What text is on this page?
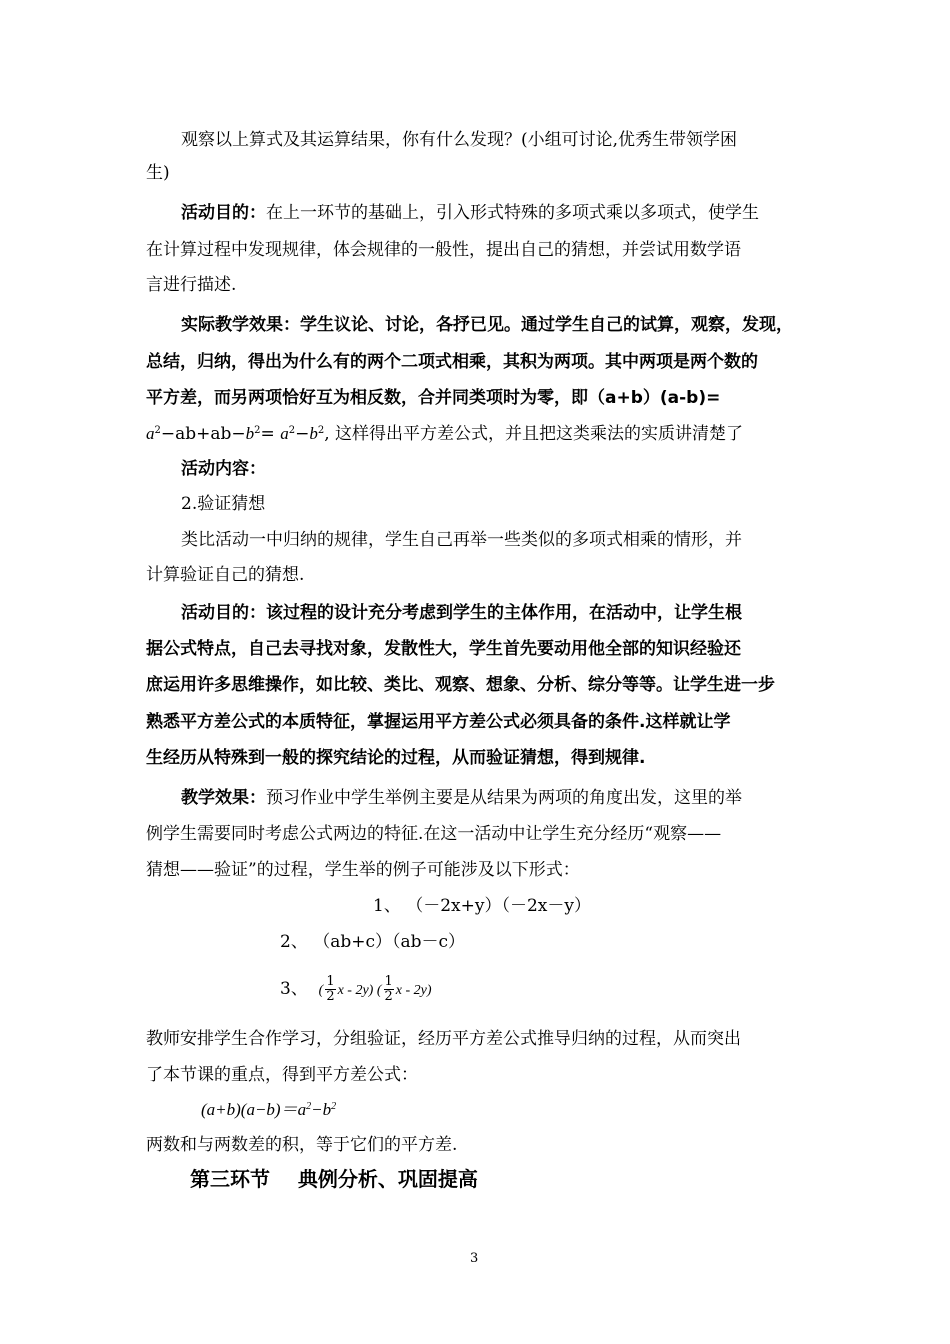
观察以上算式及其运算结果，你有什么发现？(小组可讨论,优秀生带领学困
生)
活动目的：在上一环节的基础上，引入形式特殊的多项式乘以多项式，使学生
在计算过程中发现规律，体会规律的一般性，提出自己的猜想，并尝试用数学语
言进行描述.
实际教学效果：学生议论、讨论，各抒已见。通过学生自己的试算，观察，发现，
总结，归纳，得出为什么有的两个二项式相乘，其积为两项。其中两项是两个数的
平方差，而另两项恰好互为相反数，合并同类项时为零，即（a+b）(a-b)=
$a^2-ab+ab-b^2= a^2-b^2$, 这样得出平方差公式，并且把这类乘法的实质讲清楚了
活动内容：
2.验证猜想
类比活动一中归纳的规律，学生自己再举一些类似的多项式相乘的情形，并
计算验证自己的猜想.
活动目的：该过程的设计充分考虑到学生的主体作用，在活动中，让学生根
据公式特点，自己去寻找对象，发散性大，学生首先要动用他全部的知识经验还
庶运用许多思维操作，如比较、类比、观察、想象、分析、综分等等。让学生进一步
熟悉平方差公式的本质特征，掌握运用平方差公式必须具备的条件.这样就让学
生经历从特殊到一般的探究结论的过程，从而验证猜想，得到规律.
教学效果：预习作业中学生举例主要是从结果为两项的角度出发，这里的举
例学生需要同时考虑公式两边的特征.在这一活动中让学生充分经历“观察——
猜想——验证”的过程，学生举的例子可能涉及以下形式：
1、 （－2x+y）（－2x－y）
2、 （ab+c）（ab－c）
3、 ( $\frac{1}{2}$ x - 2y) ( $\frac{1}{2}$ x - 2y)
教师安排学生合作学习，分组验证，经历平方差公式推导归纳的过程，从而突出
了本节课的重点，得到平方差公式：
$(a+b)(a-b)=a^2-b^2$
两数和与两数差的积，等于它们的平方差.
第三环节    典例分析、巩固提高
3
